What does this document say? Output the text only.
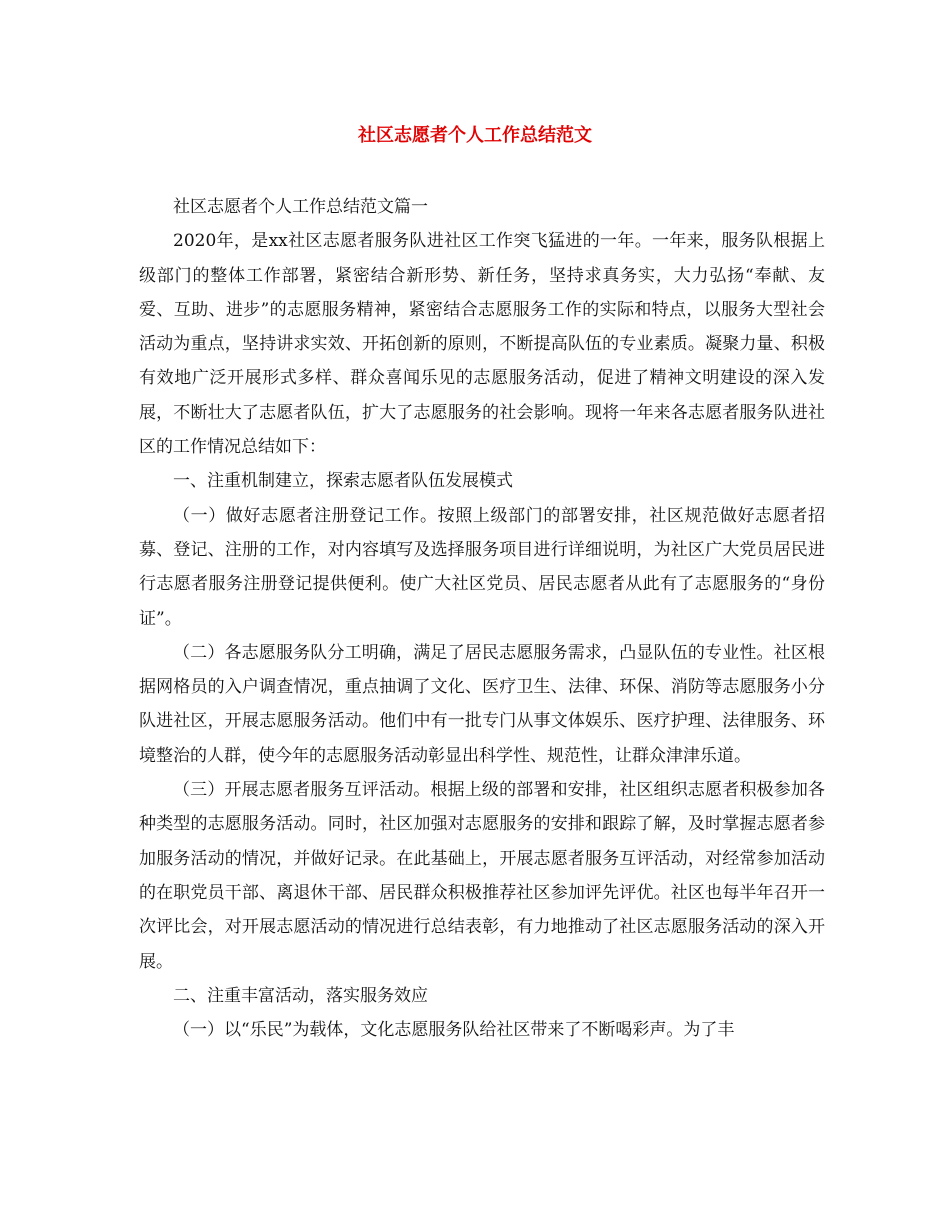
社区志愿者个人工作总结范文

社区志愿者个人工作总结范文篇一

2020年，是xx社区志愿者服务队进社区工作突飞猛进的一年。一年来，服务队根据上级部门的整体工作部署，紧密结合新形势、新任务，坚持求真务实，大力弘扬“奉献、友爱、互助、进步”的志愿服务精神，紧密结合志愿服务工作的实际和特点，以服务大型社会活动为重点，坚持讲求实效、开拓创新的原则，不断提高队伍的专业素质。凝聚力量、积极有效地广泛开展形式多样、群众喜闻乐见的志愿服务活动，促进了精神文明建设的深入发展，不断壮大了志愿者队伍，扩大了志愿服务的社会影响。现将一年来各志愿者服务队进社区的工作情况总结如下：

一、注重机制建立，探索志愿者队伍发展模式

（一）做好志愿者注册登记工作。按照上级部门的部署安排，社区规范做好志愿者招募、登记、注册的工作，对内容填写及选择服务项目进行详细说明，为社区广大党员居民进行志愿者服务注册登记提供便利。使广大社区党员、居民志愿者从此有了志愿服务的“身份证”。

（二）各志愿服务队分工明确，满足了居民志愿服务需求，凸显队伍的专业性。社区根据网格员的入户调查情况，重点抽调了文化、医疗卫生、法律、环保、消防等志愿服务小分队进社区，开展志愿服务活动。他们中有一批专门从事文体娱乐、医疗护理、法律服务、环境整治的人群，使今年的志愿服务活动彰显出科学性、规范性，让群众津津乐道。

（三）开展志愿者服务互评活动。根据上级的部署和安排，社区组织志愿者积极参加各种类型的志愿服务活动。同时，社区加强对志愿服务的安排和跟踪了解，及时掌握志愿者参加服务活动的情况，并做好记录。在此基础上，开展志愿者服务互评活动，对经常参加活动的在职党员干部、离退休干部、居民群众积极推荐社区参加评先评优。社区也每半年召开一次评比会，对开展志愿活动的情况进行总结表彰，有力地推动了社区志愿服务活动的深入开展。

二、注重丰富活动，落实服务效应

（一）以“乐民”为载体，文化志愿服务队给社区带来了不断喝彩声。为了丰
